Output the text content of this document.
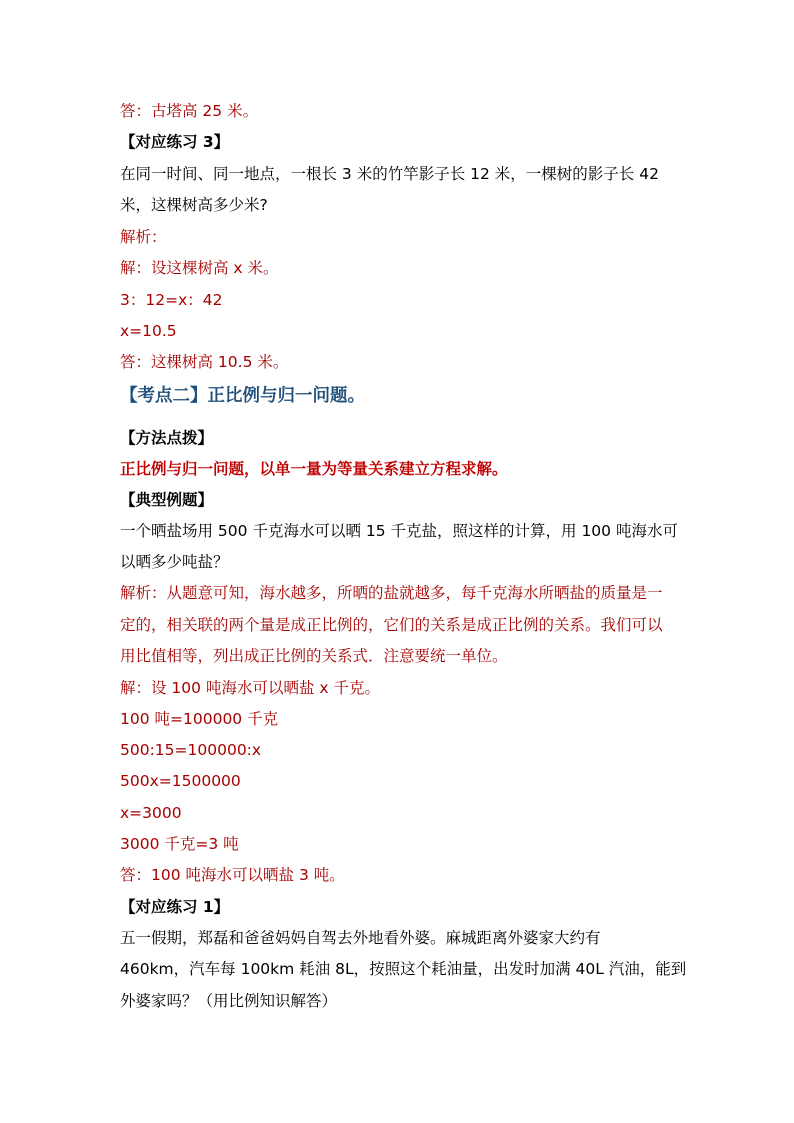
答：古塔高 25 米。

【对应练习 3】

在同一时间、同一地点，一根长 3 米的竹竿影子长 12 米，一棵树的影子长 42

米，这棵树高多少米?

解析：

解：设这棵树高 x 米。

3：12=x：42

x=10.5

答：这棵树高 10.5 米。

【考点二】正比例与归一问题。

【方法点拨】

正比例与归一问题，以单一量为等量关系建立方程求解。

【典型例题】

一个晒盐场用 500 千克海水可以晒 15 千克盐，照这样的计算，用 100 吨海水可

以晒多少吨盐？

解析：从题意可知，海水越多，所晒的盐就越多，每千克海水所晒盐的质量是一

定的，相关联的两个量是成正比例的，它们的关系是成正比例的关系。我们可以

用比值相等，列出成正比例的关系式．注意要统一单位。

解：设 100 吨海水可以晒盐 x 千克。

100 吨=100000 千克

500:15=100000:x

500x=1500000

x=3000

3000 千克=3 吨

答：100 吨海水可以晒盐 3 吨。

【对应练习 1】

五一假期，郑磊和爸爸妈妈自驾去外地看外婆。麻城距离外婆家大约有

460km，汽车每 100km 耗油 8L，按照这个耗油量，出发时加满 40L 汽油，能到

外婆家吗？（用比例知识解答）
